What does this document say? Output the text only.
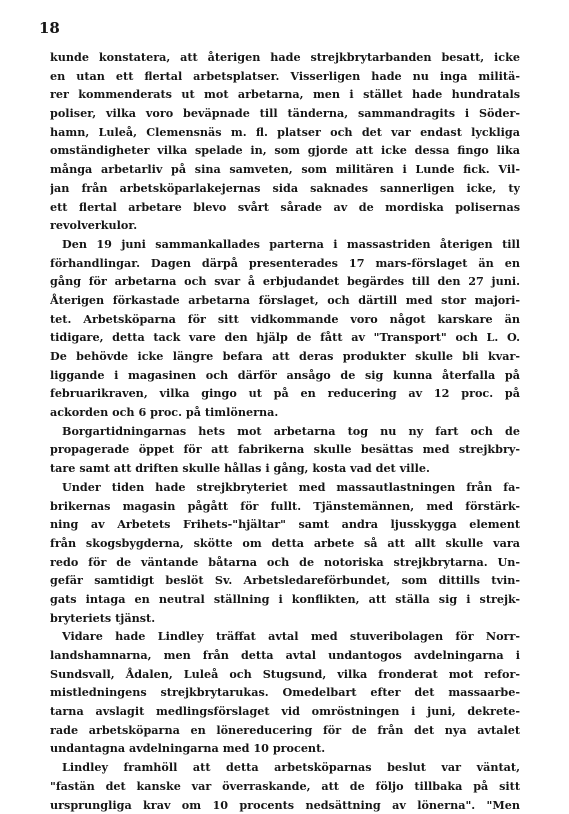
18
kunde konstatera, att återigen hade strejkbrytarbanden besatt, icke
en utan ett flertal arbetsplatser. Visserligen hade nu inga militä-
rer kommenderats ut mot arbetarna, men i stället hade hundratals
poliser, vilka voro beväpnade till tänderna, sammandragits i Söder-
hamn, Luleå, Clemensnäs m. fl. platser och det var endast lyckliga
omständigheter vilka spelade in, som gjorde att icke dessa fingo lika
många arbetarliv på sina samveten, som militären i Lunde fick. Vil-
jan från arbetsköparlakejernas sida saknades sannerligen icke, ty
ett flertal arbetare blevo svårt sårade av de mordiska polisernas
revolverkulor.
Den 19 juni sammankallades parterna i massastriden återigen till
förhandlingar. Dagen därpå presenterades 17 mars-förslaget än en
gång för arbetarna och svar å erbjudandet begärdes till den 27 juni.
Återigen förkastade arbetarna förslaget, och därtill med stor majori-
tet. Arbetsköparna för sitt vidkommande voro något karskare än
tidigare, detta tack vare den hjälp de fått av "Transport" och L. O.
De behövde icke längre befara att deras produkter skulle bli kvar-
liggande i magasinen och därför ansågo de sig kunna återfalla på
februarikraven, vilka gingo ut på en reducering av 12 proc. på
ackorden och 6 proc. på timlönerna.
Borgartidningarnas hets mot arbetarna tog nu ny fart och de
propagerade öppet för att fabrikerna skulle besättas med strejkbry-
tare samt att driften skulle hållas i gång, kosta vad det ville.
Under tiden hade strejkbryteriet med massautlastningen från fa-
brikernas magasin pågått för fullt. Tjänstemännen, med förstärk-
ning av Arbetets Frihets-"hjältar" samt andra ljusskygga element
från skogsbygderna, skötte om detta arbete så att allt skulle vara
redo för de väntande båtarna och de notoriska strejkbrytarna. Un-
gefär samtidigt beslöt Sv. Arbetsledareförbundet, som dittills tvin-
gats intaga en neutral ställning i konflikten, att ställa sig i strejk-
bryteriets tjänst.
Vidare hade Lindley träffat avtal med stuveribolagen för Norr-
landshamnarna, men från detta avtal undantogos avdelningarna i
Sundsvall, Ådalen, Luleå och Stugsund, vilka fronderat mot refor-
mistledningens strejkbrytarukas. Omedelbart efter det massaarbe-
tarna avslagit medlingsförslaget vid omröstningen i juni, dekrete-
rade arbetsköparna en lönereducering för de från det nya avtalet
undantagna avdelningarna med 10 procent.
Lindley framhöll att detta arbetsköparnas beslut var väntat,
"fastän det kanske var överraskande, att de följo tillbaka på sitt
ursprungliga krav om 10 procents nedsättning av lönerna". "Men
